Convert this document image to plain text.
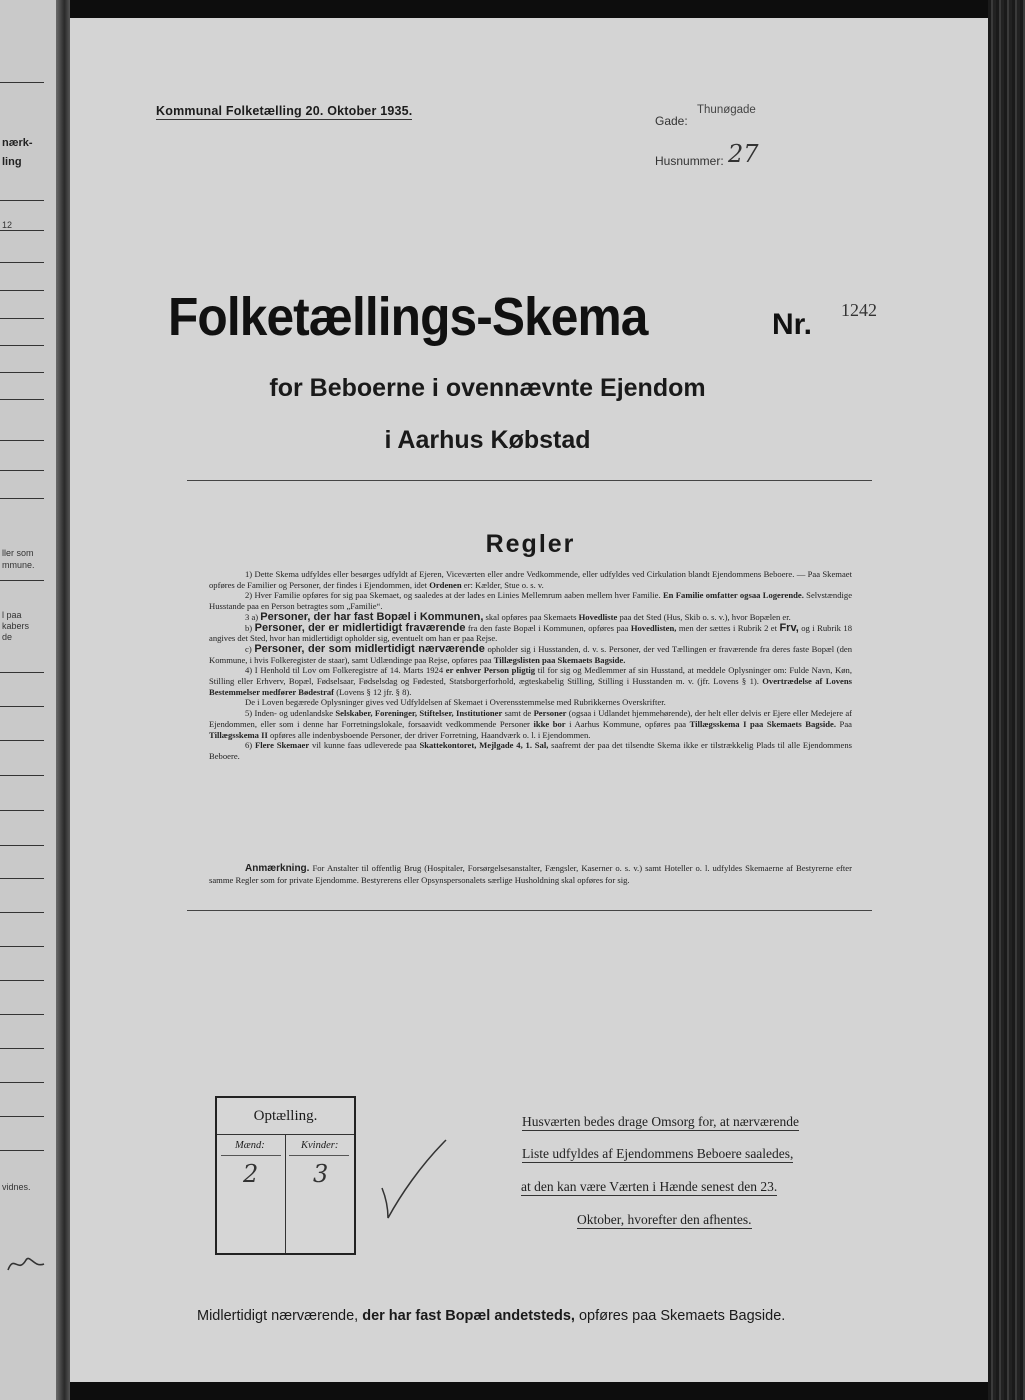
nærk-
ling
12
ller som
mmune.
l paa
kabers
de
vidnes.
Kommunal Folketælling 20. Oktober 1935.
Gade:
Thunøgade
Husnummer: 27
Folketællings-Skema	Nr. 1242
for Beboerne i ovennævnte Ejendom
i Aarhus Købstad
Regler

1) Dette Skema udfyldes eller besørges udfyldt af Ejeren, Viceværten eller andre Vedkommende, eller udfyldes ved Cirkulation blandt Ejendommens Beboere. — Paa Skemaet opføres de Familier og Personer, der findes i Ejendommen, idet Ordenen er: Kælder, Stue o. s. v.

2) Hver Familie opføres for sig paa Skemaet, og saaledes at der lades en Linies Mellemrum aaben mellem hver Familie. En Familie omfatter ogsaa Logerende. Selvstændige Husstande paa en Person betragtes som „Familie“.

3 a) Personer, der har fast Bopæl i Kommunen, skal opføres paa Skemaets Hovedliste paa det Sted (Hus, Skib o. s. v.), hvor Bopælen er.

b) Personer, der er midlertidigt fraværende fra den faste Bopæl i Kommunen, opføres paa Hovedlisten, men der sættes i Rubrik 2 et Frv, og i Rubrik 18 angives det Sted, hvor han midlertidigt opholder sig, eventuelt om han er paa Rejse.

c) Personer, der som midlertidigt nærværende opholder sig i Husstanden, d. v. s. Personer, der ved Tællingen er fraværende fra deres faste Bopæl (den Kommune, i hvis Folkeregister de staar), samt Udlændinge paa Rejse, opføres paa Tillægslisten paa Skemaets Bagside.

4) I Henhold til Lov om Folkeregistre af 14. Marts 1924 er enhver Person pligtig til for sig og Medlemmer af sin Husstand, at meddele Oplysninger om: Fulde Navn, Køn, Stilling eller Erhverv, Bopæl, Fødselsaar, Fødselsdag og Fødested, Statsborgerforhold, ægteskabelig Stilling, Stilling i Husstanden m. v. (jfr. Lovens § 1). Overtrædelse af Lovens Bestemmelser medfører Bødestraf (Lovens § 12 jfr. § 8).

De i Loven begærede Oplysninger gives ved Udfyldelsen af Skemaet i Overensstemmelse med Rubrikkernes Overskrifter.

5) Inden- og udenlandske Selskaber, Foreninger, Stiftelser, Institutioner samt de Personer (ogsaa i Udlandet hjemmehørende), der helt eller delvis er Ejere eller Medejere af Ejendommen, eller som i denne har Forretningslokale, forsaavidt vedkommende Personer ikke bor i Aarhus Kommune, opføres paa Tillægsskema I paa Skemaets Bagside. Paa Tillægsskema II opføres alle indenbysboende Personer, der driver Forretning, Haandværk o. l. i Ejendommen.

6) Flere Skemaer vil kunne faas udleverede paa Skattekontoret, Mejlgade 4, 1. Sal, saafremt der paa det tilsendte Skema ikke er tilstrækkelig Plads til alle Ejendommens Beboere.

Anmærkning. For Anstalter til offentlig Brug (Hospitaler, Forsørgelsesanstalter, Fængsler, Kaserner o. s. v.) samt Hoteller o. l. udfyldes Skemaerne af Bestyrerne efter samme Regler som for private Ejendomme. Bestyrerens eller Opsynspersonalets særlige Husholdning skal opføres for sig.

Optælling.
Mænd:	Kvinder:
2 3
Husværten bedes drage Omsorg for, at nærværende
Liste udfyldes af Ejendommens Beboere saaledes,
at den kan være Værten i Hænde senest den 23.
Oktober, hvorefter den afhentes.
Midlertidigt nærværende, der har fast Bopæl andetsteds, opføres paa Skemaets Bagside.
